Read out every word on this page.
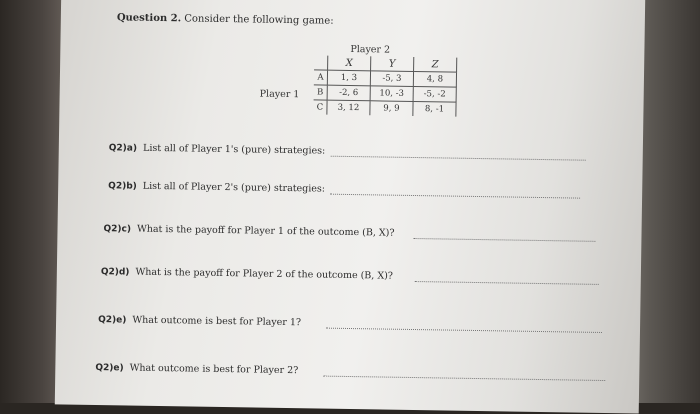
Question 2. Consider the following game:
Player 2
Player 1
	X	Y	Z
A	1, 3	-5, 3	4, 8
B	-2, 6	10, -3	-5, -2
C	3, 12	9, 9	8, -1
Q2)a) List all of Player 1's (pure) strategies:
Q2)b) List all of Player 2's (pure) strategies:
Q2)c) What is the payoff for Player 1 of the outcome (B, X)?
Q2)d) What is the payoff for Player 2 of the outcome (B, X)?
Q2)e) What outcome is best for Player 1?
Q2)e) What outcome is best for Player 2?
